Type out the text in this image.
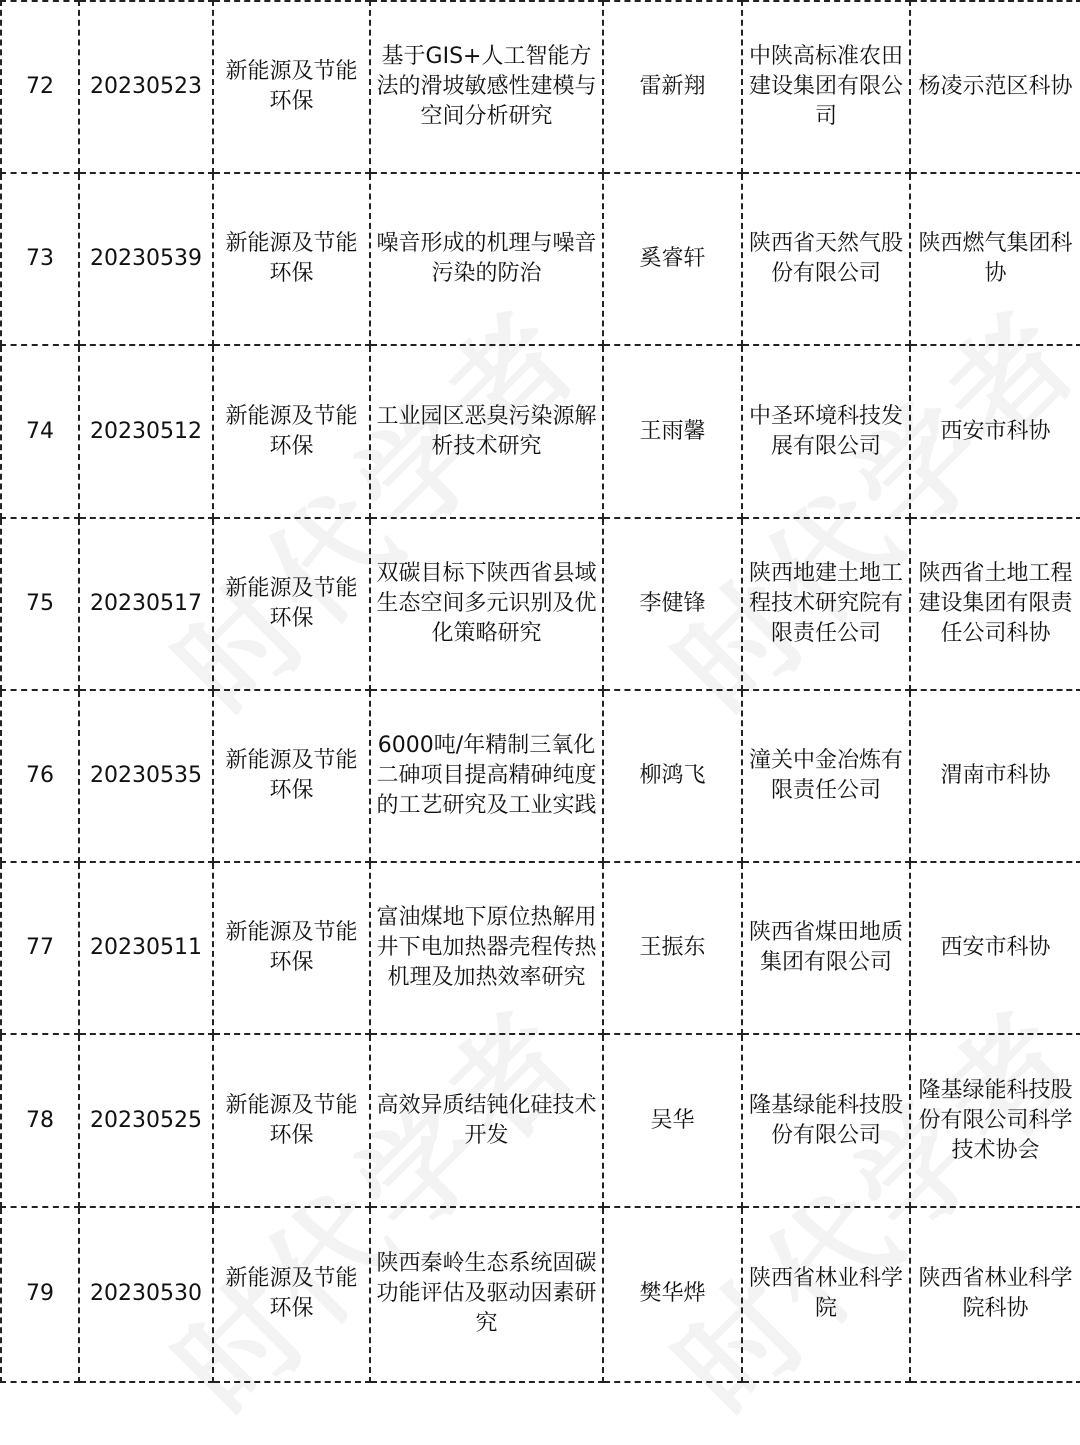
72	20230523	新能源及节能环保	基于GIS+人工智能方法的滑坡敏感性建模与空间分析研究	雷新翔	中陕高标准农田建设集团有限公司	杨凌示范区科协
73	20230539	新能源及节能环保	噪音形成的机理与噪音污染的防治	奚睿轩	陕西省天然气股份有限公司	陕西燃气集团科协
74	20230512	新能源及节能环保	工业园区恶臭污染源解析技术研究	王雨馨	中圣环境科技发展有限公司	西安市科协
75	20230517	新能源及节能环保	双碳目标下陕西省县域生态空间多元识别及优化策略研究	李健锋	陕西地建土地工程技术研究院有限责任公司	陕西省土地工程建设集团有限责任公司科协
76	20230535	新能源及节能环保	6000吨/年精制三氧化二砷项目提高精砷纯度的工艺研究及工业实践	柳鸿飞	潼关中金冶炼有限责任公司	渭南市科协
77	20230511	新能源及节能环保	富油煤地下原位热解用井下电加热器壳程传热机理及加热效率研究	王振东	陕西省煤田地质集团有限公司	西安市科协
78	20230525	新能源及节能环保	高效异质结钝化硅技术开发	吴华	隆基绿能科技股份有限公司	隆基绿能科技股份有限公司科学技术协会
79	20230530	新能源及节能环保	陕西秦岭生态系统固碳功能评估及驱动因素研究	樊华烨	陕西省林业科学院	陕西省林业科学院科协
